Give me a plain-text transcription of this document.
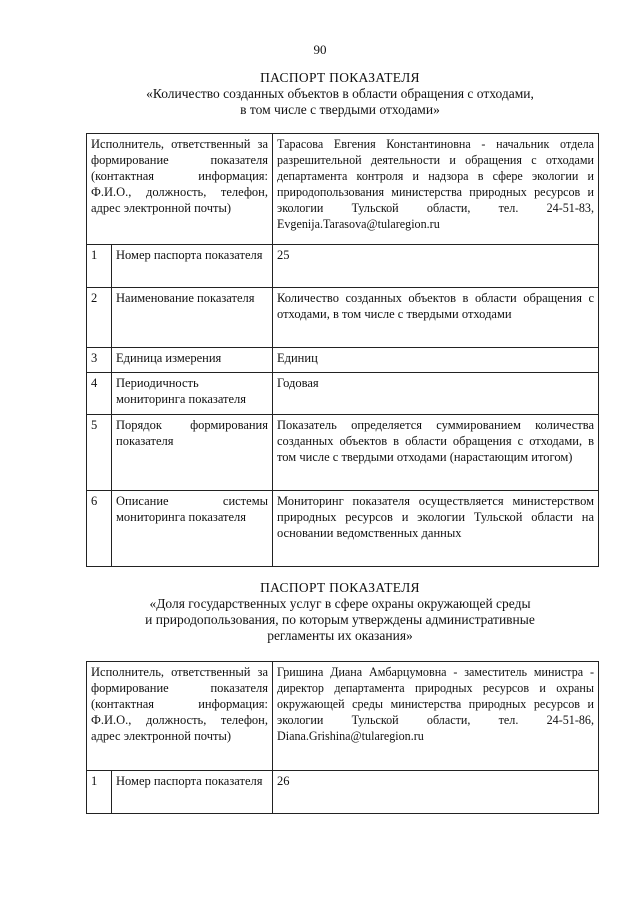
90
ПАСПОРТ ПОКАЗАТЕЛЯ
«Количество созданных объектов в области обращения с отходами,
в том числе с твердыми отходами»
Исполнитель, ответственный за формирование показателя (контактная информация: Ф.И.О., должность, телефон, адрес электронной почты)		Тарасова Евгения Константиновна - начальник отдела разрешительной деятельности и обращения с отходами департамента контроля и надзора в сфере экологии и природопользования министерства природных ресурсов и экологии Тульской области, тел. 24-51-83, Evgenija.Tarasova@tularegion.ru
1	Номер паспорта показателя	25
2	Наименование показателя	Количество созданных объектов в области обращения с отходами, в том числе с твердыми отходами
3	Единица измерения	Единиц
4	Периодичность мониторинга показателя	Годовая
5	Порядок формирования показателя	Показатель определяется суммированием количества созданных объектов в области обращения с отходами, в том числе с твердыми отходами (нарастающим итогом)
6	Описание системы мониторинга показателя	Мониторинг показателя осуществляется министерством природных ресурсов и экологии Тульской области на основании ведомственных данных
ПАСПОРТ ПОКАЗАТЕЛЯ
«Доля государственных услуг в сфере охраны окружающей среды
и природопользования, по которым утверждены административные
регламенты их оказания»
Исполнитель, ответственный за формирование показателя (контактная информация: Ф.И.О., должность, телефон, адрес электронной почты)		Гришина Диана Амбарцумовна - заместитель министра - директор департамента природных ресурсов и охраны окружающей среды министерства природных ресурсов и экологии Тульской области, тел. 24-51-86, Diana.Grishina@tularegion.ru
1	Номер паспорта показателя	26
